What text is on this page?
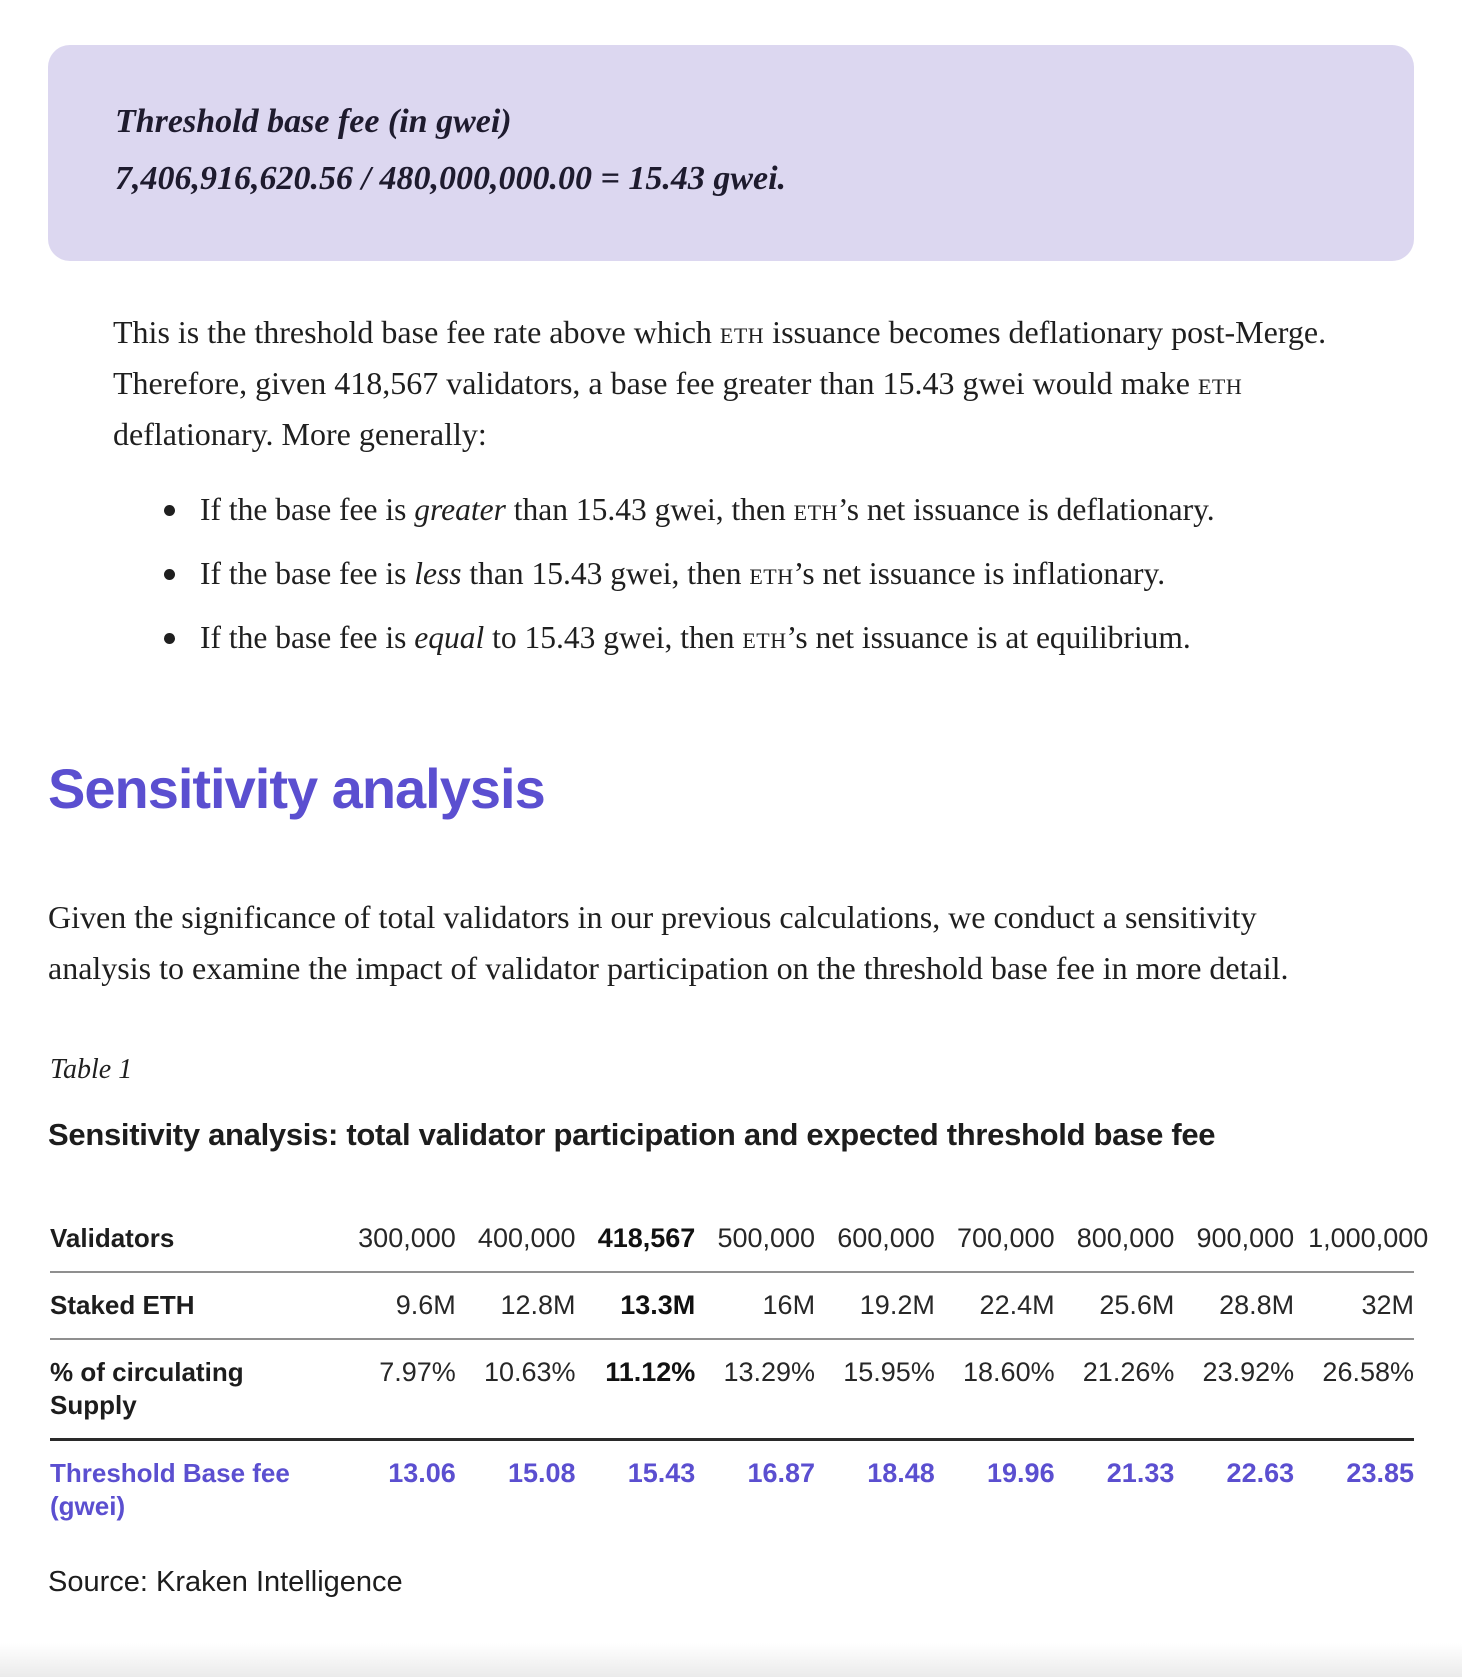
Threshold base fee (in gwei)

7,406,916,620.56 / 480,000,000.00 = 15.43 gwei.

This is the threshold base fee rate above which eth issuance becomes deflationary post-Merge. Therefore, given 418,567 validators, a base fee greater than 15.43 gwei would make eth deflationary. More generally:

If the base fee is greater than 15.43 gwei, then eth’s net issuance is deflationary.
If the base fee is less than 15.43 gwei, then eth’s net issuance is inflationary.
If the base fee is equal to 15.43 gwei, then eth’s net issuance is at equilibrium.
Sensitivity analysis

Given the significance of total validators in our previous calculations, we conduct a sensitivity analysis to examine the impact of validator participation on the threshold base fee in more detail.

Table 1

Sensitivity analysis: total validator participation and expected threshold base fee
Validators	300,000	400,000	418,567	500,000	600,000	700,000	800,000	900,000	1,000,000
Staked ETH	9.6M	12.8M	13.3M	16M	19.2M	22.4M	25.6M	28.8M	32M
% of circulating Supply	7.97%	10.63%	11.12%	13.29%	15.95%	18.60%	21.26%	23.92%	26.58%
Threshold Base fee (gwei)	13.06	15.08	15.43	16.87	18.48	19.96	21.33	22.63	23.85

Source: Kraken Intelligence
